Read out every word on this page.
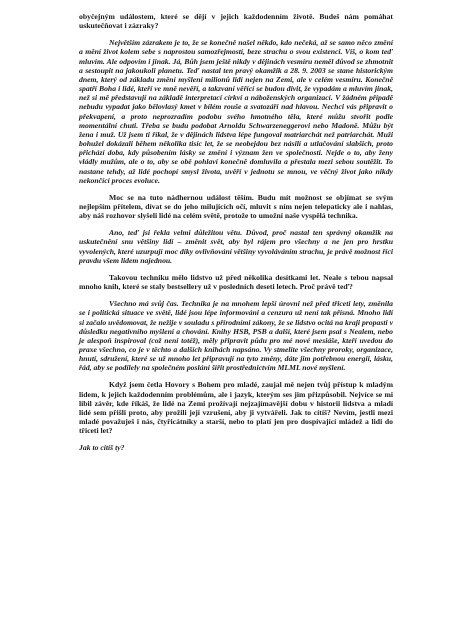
obyčejným událostem, které se dějí v jejich každodenním životě. Budeš nám pomáhat uskutečňovat i zázraky?

Největším zázrakem je to, že se konečně našel někdo, kdo nečeká, až se samo něco změní a mění život kolem sebe s naprostou samozřejmostí, beze strachu o svou existenci. Víš, o kom teď mluvím. Ale odpovím i jinak. Já, Bůh jsem ještě nikdy v dějinách vesmíru neměl důvod se zhmotnit a sestoupit na jakoukoli planetu. Teď nastal ten pravý okamžik a 28. 9. 2003 se stane historickým dnem, který od základu změní myšlení milionů lidí nejen na Zemi, ale v celém vesmíru. Konečně spatří Boha i lidé, kteří ve mně nevěří, a takzvaní věřící se budou divit, že vypadám a mluvím jinak, než si mě představují na základě interpretací církví a náboženských organizací. V žádném případě nebudu vypadat jako bělovlasý kmet v bílém rouše a svatozáří nad hlavou. Nechci vás připravit o překvapení, a proto neprozradím podobu svého hmotného těla, které můžu stvořit podle momentální chuti. Třeba se budu podobat Arnoldu Schwarzeneggerovi nebo Madoně. Můžu být žena i muž. Už jsem ti říkal, že v dějinách lidstva lépe fungoval matriarchát než patriarchát. Muži bohužel dokázali během několika tisíc let, že se neobejdou bez násilí a utlačování slabších, proto přichází doba, kdy působením lásky se změní i význam žen ve společnosti. Nejde o to, aby ženy vládly mužům, ale o to, aby se obě pohlaví konečně domluvila a přestala mezi sebou soutěžit. To nastane tehdy, až lidé pochopí smysl života, uvěří v jednotu se mnou, ve věčný život jako nikdy nekončící proces evoluce.

Moc se na tuto nádhernou událost těším. Budu mít možnost se objímat se svým nejlepším přítelem, dívat se do jeho milujících očí, mluvit s ním nejen telepaticky ale i nahlas, aby náš rozhovor slyšeli lidé na celém světě, protože to umožní naše vyspělá technika.

Ano, teď jsi řekla velmi důležitou větu. Důvod, proč nastal ten správný okamžik na uskutečnění snu většiny lidí – změnit svět, aby byl rájem pro všechny a ne jen pro hrstku vyvolených, které uzurpují moc díky ovlivňování většiny vyvoláváním strachu, je právě možnost říci pravdu všem lidem najednou.

Takovou techniku mělo lidstvo už před několika desítkami let. Neale s tebou napsal mnoho knih, které se staly bestsellery už v posledních deseti letech. Proč právě teď?

Všechno má svůj čas. Technika je na mnohem lepší úrovni než před třiceti lety, změnila se i politická situace ve světě, lidé jsou lépe informováni a cenzura už není tak přísná. Mnoho lidí si začalo uvědomovat, že nežije v souladu s přírodními zákony, že se lidstvo ocitá na kraji propasti v důsledku negativního myšlení a chování. Knihy HSB, PSB a další, které jsem psal s Nealem, nebo je alespoň inspiroval (což není totéž), měly připravit půdu pro mé nové mesiáše, kteří uvedou do praxe všechno, co je v těchto a dalších knihách napsáno. Vy stmelíte všechny proroky, organizace, hnutí, sdružení, které se už mnoho let připravují na tyto změny, dáte jim potřebnou energii, lásku, řád, aby se podílely na společném poslání šířit prostřednictvím MLML nové myšlení.

Když jsem četla Hovory s Bohem pro mladé, zaujal mě nejen tvůj přístup k mladým lidem, k jejich každodenním problémům, ale i jazyk, kterým ses jim přizpůsobil. Nejvíce se mi líbil závěr, kde říkáš, že lidé na Zemi prožívají nejzajímavější dobu v historii lidstva a mladí lidé sem přišli proto, aby prožili její vzrušení, aby ji vytvářeli. Jak to cítíš? Nevím, jestli mezi mladé považuješ i nás, čtyřicátníky a starší, nebo to platí jen pro dospívající mládež a lidi do třiceti let?

Jak to cítíš ty?
